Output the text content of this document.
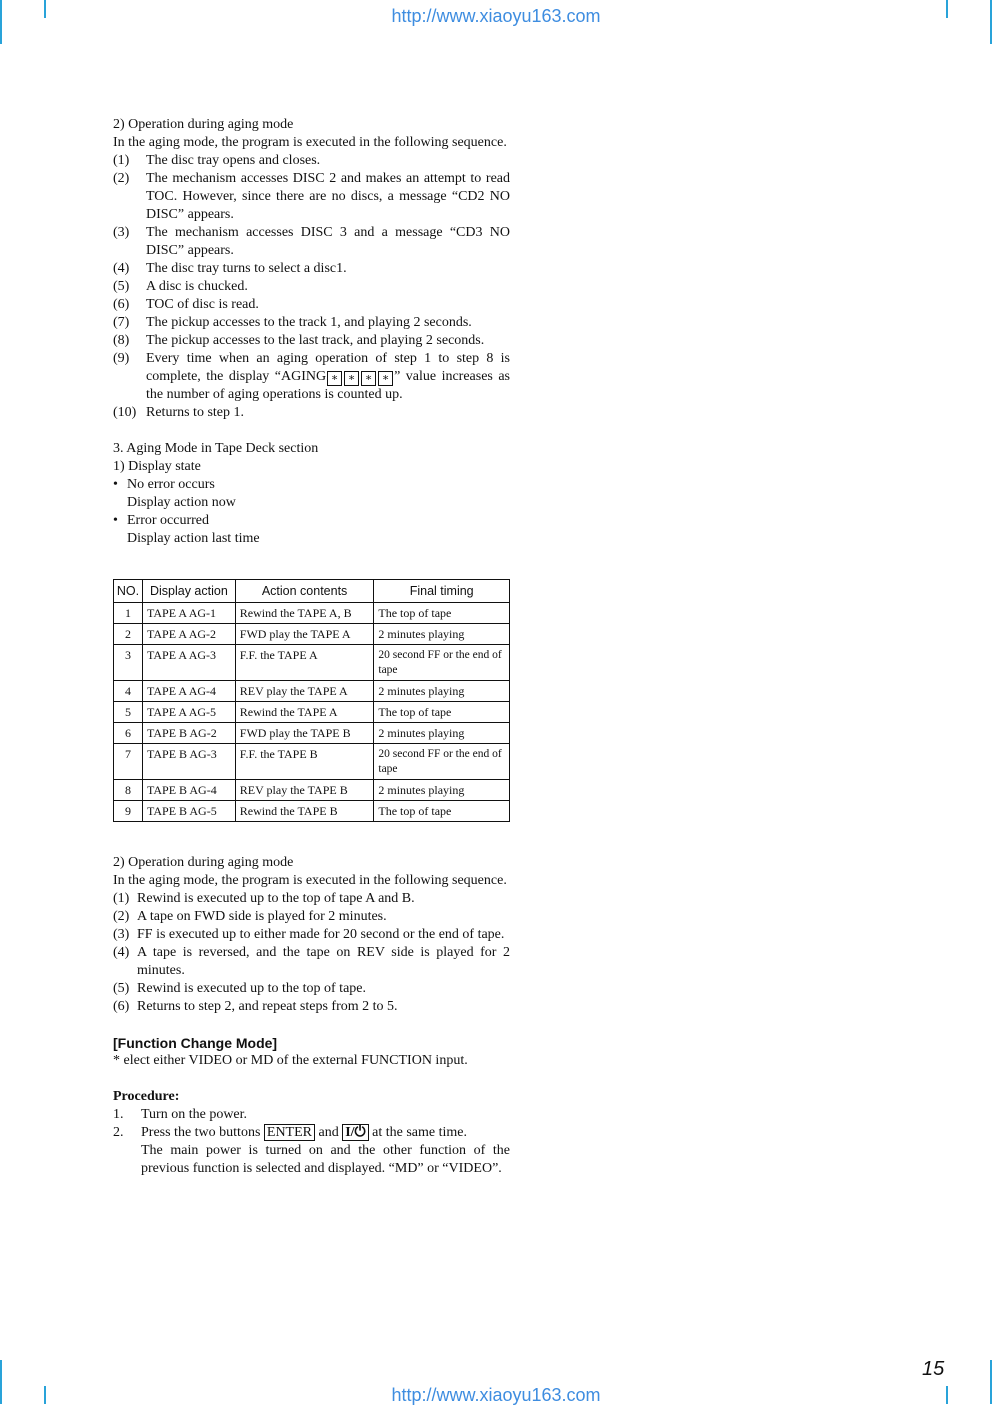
http://www.xiaoyu163.com
http://www.xiaoyu163.com

2) Operation during aging mode

In the aging mode, the program is executed in the following sequence.

(1)	The disc tray opens and closes.
(2)	The mechanism accesses DISC 2 and makes an attempt to read TOC. However, since there are no discs, a message “CD2 NO DISC” appears.
(3)	The mechanism accesses DISC 3 and a message “CD3 NO DISC” appears.
(4)	The disc tray turns to select a disc1.
(5)	A disc is chucked.
(6)	TOC of disc is read.
(7)	The pickup accesses to the track 1, and playing 2 seconds.
(8)	The pickup accesses to the last track, and playing 2 seconds.
(9)	Every time when an aging operation of step 1 to step 8 is complete, the display “AGING ∗ ∗ ∗ ∗ ” value increases as the number of aging operations is counted up.
(10) Returns to step 1.

3. Aging Mode in Tape Deck section

1) Display state

• No error occurs

Display action now

• Error occurred

Display action last time

NO.	Display action	Action contents	Final timing
1	TAPE A AG-1	Rewind the TAPE A, B	The top of tape
2	TAPE A AG-2	FWD play the TAPE A	2 minutes playing
3	TAPE A AG-3	F.F. the TAPE A	20 second FF or the end of tape
4	TAPE A AG-4	REV play the TAPE A	2 minutes playing
5	TAPE A AG-5	Rewind the TAPE A	The top of tape
6	TAPE B AG-2	FWD play the TAPE B	2 minutes playing
7	TAPE B AG-3	F.F. the TAPE B	20 second FF or the end of tape
8	TAPE B AG-4	REV play the TAPE B	2 minutes playing
9	TAPE B AG-5	Rewind the TAPE B	The top of tape

2) Operation during aging mode

In the aging mode, the program is executed in the following sequence.

(1) Rewind is executed up to the top of tape A and B.
(2) A tape on FWD side is played for 2 minutes.
(3) FF is executed up to either made for 20 second or the end of tape.
(4) A tape is reversed, and the tape on REV side is played for 2 minutes.
(5) Rewind is executed up to the top of tape.
(6) Returns to step 2, and repeat steps from 2 to 5.
[Function Change Mode]

* elect either VIDEO or MD of the external FUNCTION input.

Procedure:

1.	Turn on the power.
2.	Press the two buttons ENTER and I/⏻ at the same time.
The main power is turned on and the other function of the previous function is selected and displayed. “MD” or “VIDEO”.
15
